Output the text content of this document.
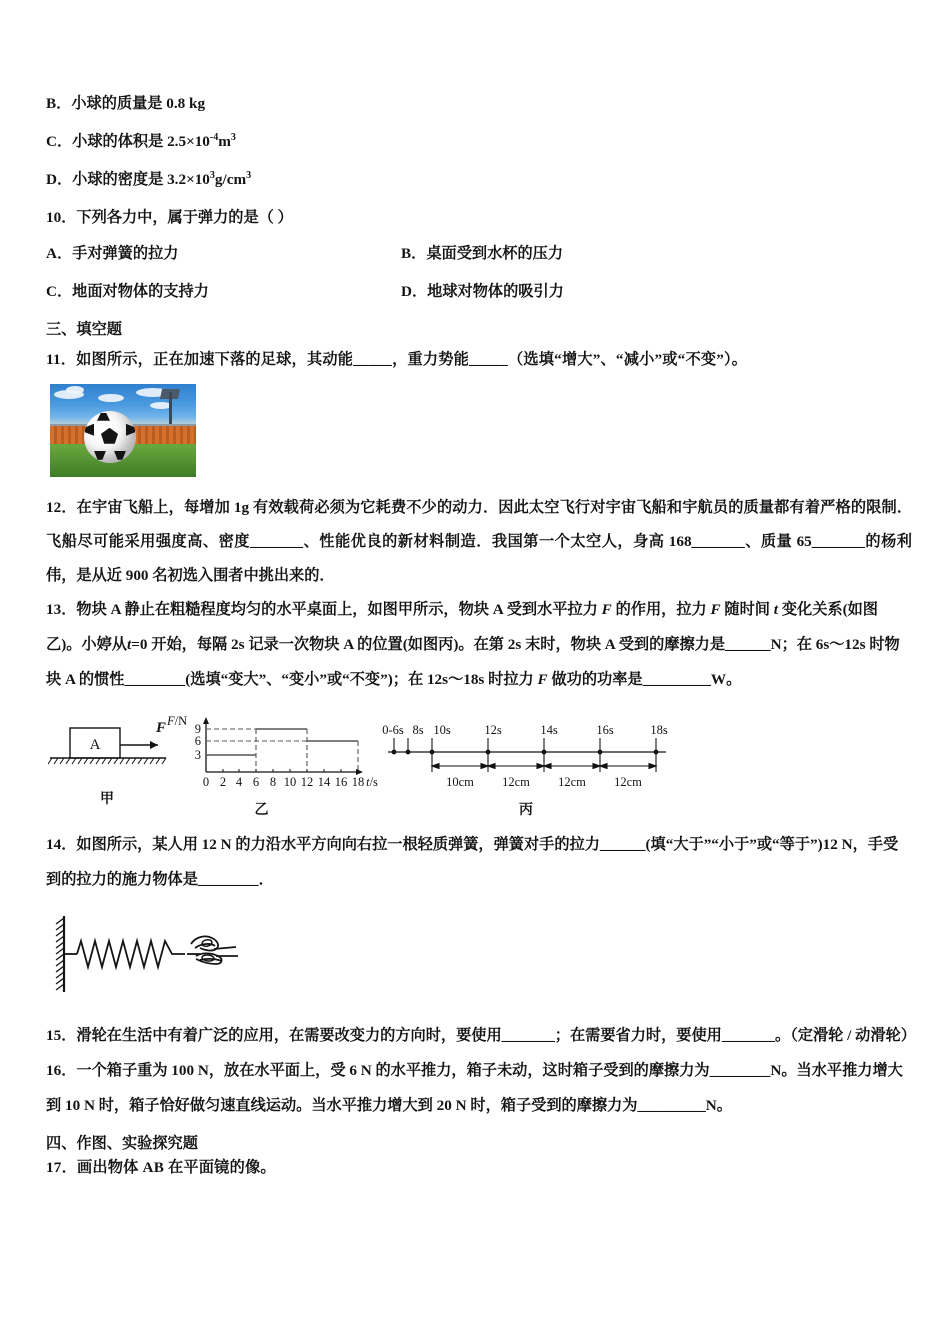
B．小球的质量是 0.8 kg
C．小球的体积是 $2.5\times 10^{-4}m^3$
D．小球的密度是 $3.2\times 10^3g/cm^3$
10．下列各力中，属于弹力的是（ ）
A．手对弹簧的拉力	B．桌面受到水杯的压力
C．地面对物体的支持力	D．地球对物体的吸引力
三、填空题
11．如图所示，正在加速下落的足球，其动能_____，重力势能_____（选填“增大”、“减小”或“不变”）。
12．在宇宙飞船上，每增加 1g 有效载荷必须为它耗费不少的动力．因此太空飞行对宇宙飞船和宇航员的质量都有着严格的限制．飞船尽可能采用强度高、密度_______、性能优良的新材料制造．我国第一个太空人，身高 168_______、质量 65_______的杨利伟，是从近 900 名初选入围者中挑出来的．
13．物块 A 静止在粗糙程度均匀的水平桌面上，如图甲所示，物块 A 受到水平拉力 F 的作用，拉力 F 随时间 t 变化关系(如图乙)。小婷从t=0 开始，每隔 2s 记录一次物块 A 的位置(如图丙)。在第 2s 末时，物块 A 受到的摩擦力是______N；在 6s～12s 时物块 A 的惯性________(选填“变大”、“变小”或“不变”)；在 12s～18s 时拉力 F 做功的功率是_________W。
A
F
甲
F/N
9
6
3
0 2 4 6 8 10 12 14 16 18 t/s
乙
0-6s 8s 10s	12s	14s	16s	18s
10cm 12cm 12cm 12cm
丙
14．如图所示，某人用 12 N 的力沿水平方向向右拉一根轻质弹簧，弹簧对手的拉力______(填“大于”“小于”或“等于”)12 N，手受到的拉力的施力物体是________．
15．滑轮在生活中有着广泛的应用，在需要改变力的方向时，要使用_______；在需要省力时，要使用_______。（定滑轮 / 动滑轮）
16．一个箱子重为 100 N，放在水平面上，受 6 N 的水平推力，箱子未动，这时箱子受到的摩擦力为________N。当水平推力增大到 10 N 时，箱子恰好做匀速直线运动。当水平推力增大到 20 N 时，箱子受到的摩擦力为_________N。
四、作图、实验探究题
17．画出物体 AB 在平面镜的像。
